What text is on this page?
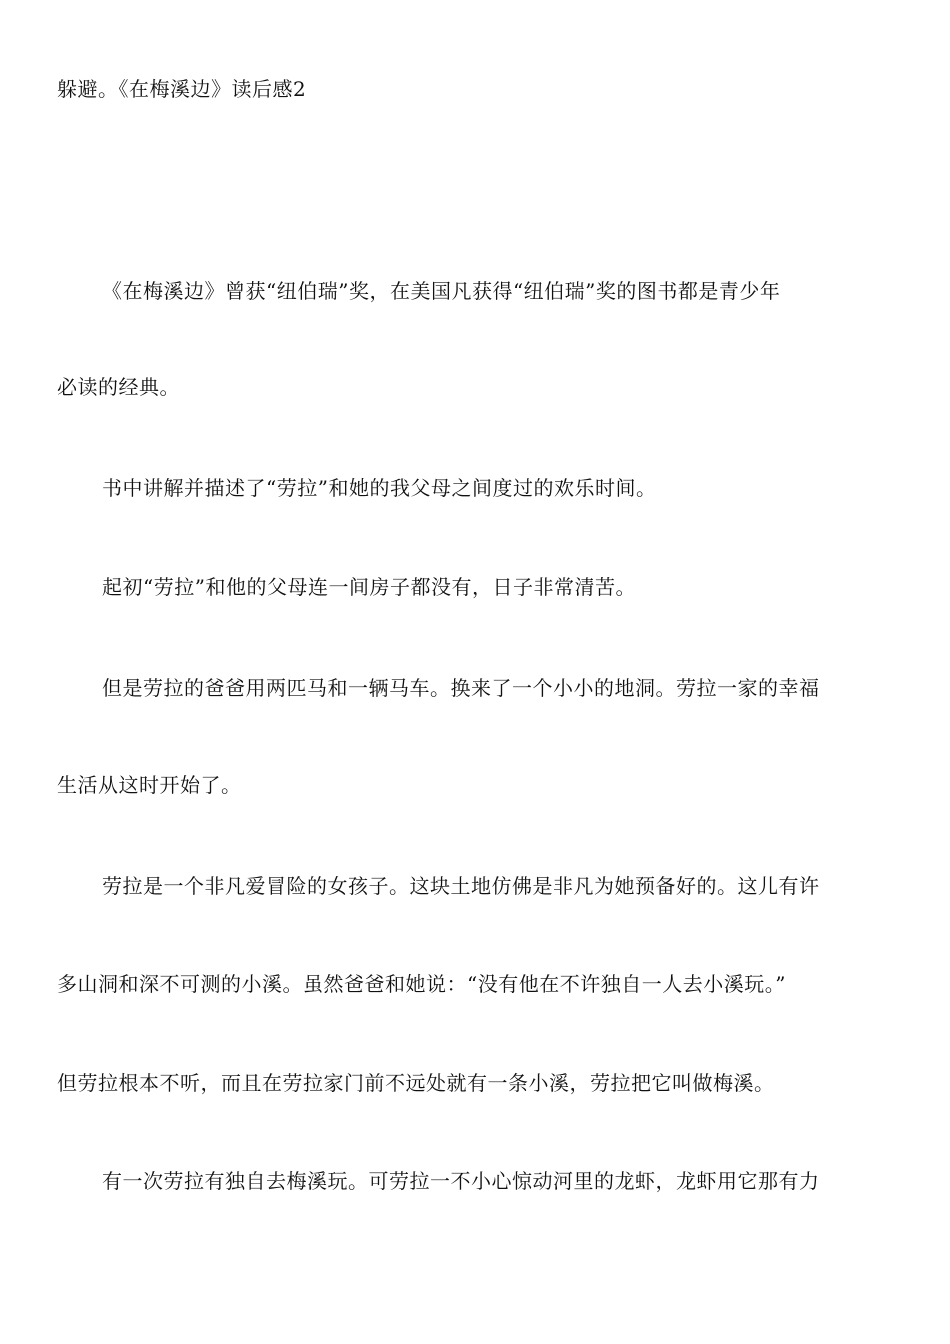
躲避。《在梅溪边》读后感2
《在梅溪边》曾获“纽伯瑞”奖，在美国凡获得“纽伯瑞”奖的图书都是青少年
必读的经典。
书中讲解并描述了“劳拉”和她的我父母之间度过的欢乐时间。
起初“劳拉”和他的父母连一间房子都没有，日子非常清苦。
但是劳拉的爸爸用两匹马和一辆马车。换来了一个小小的地洞。劳拉一家的幸福
生活从这时开始了。
劳拉是一个非凡爱冒险的女孩子。这块土地仿佛是非凡为她预备好的。这儿有许
多山洞和深不可测的小溪。虽然爸爸和她说：“没有他在不许独自一人去小溪玩。”
但劳拉根本不听，而且在劳拉家门前不远处就有一条小溪，劳拉把它叫做梅溪。
有一次劳拉有独自去梅溪玩。可劳拉一不小心惊动河里的龙虾，龙虾用它那有力
